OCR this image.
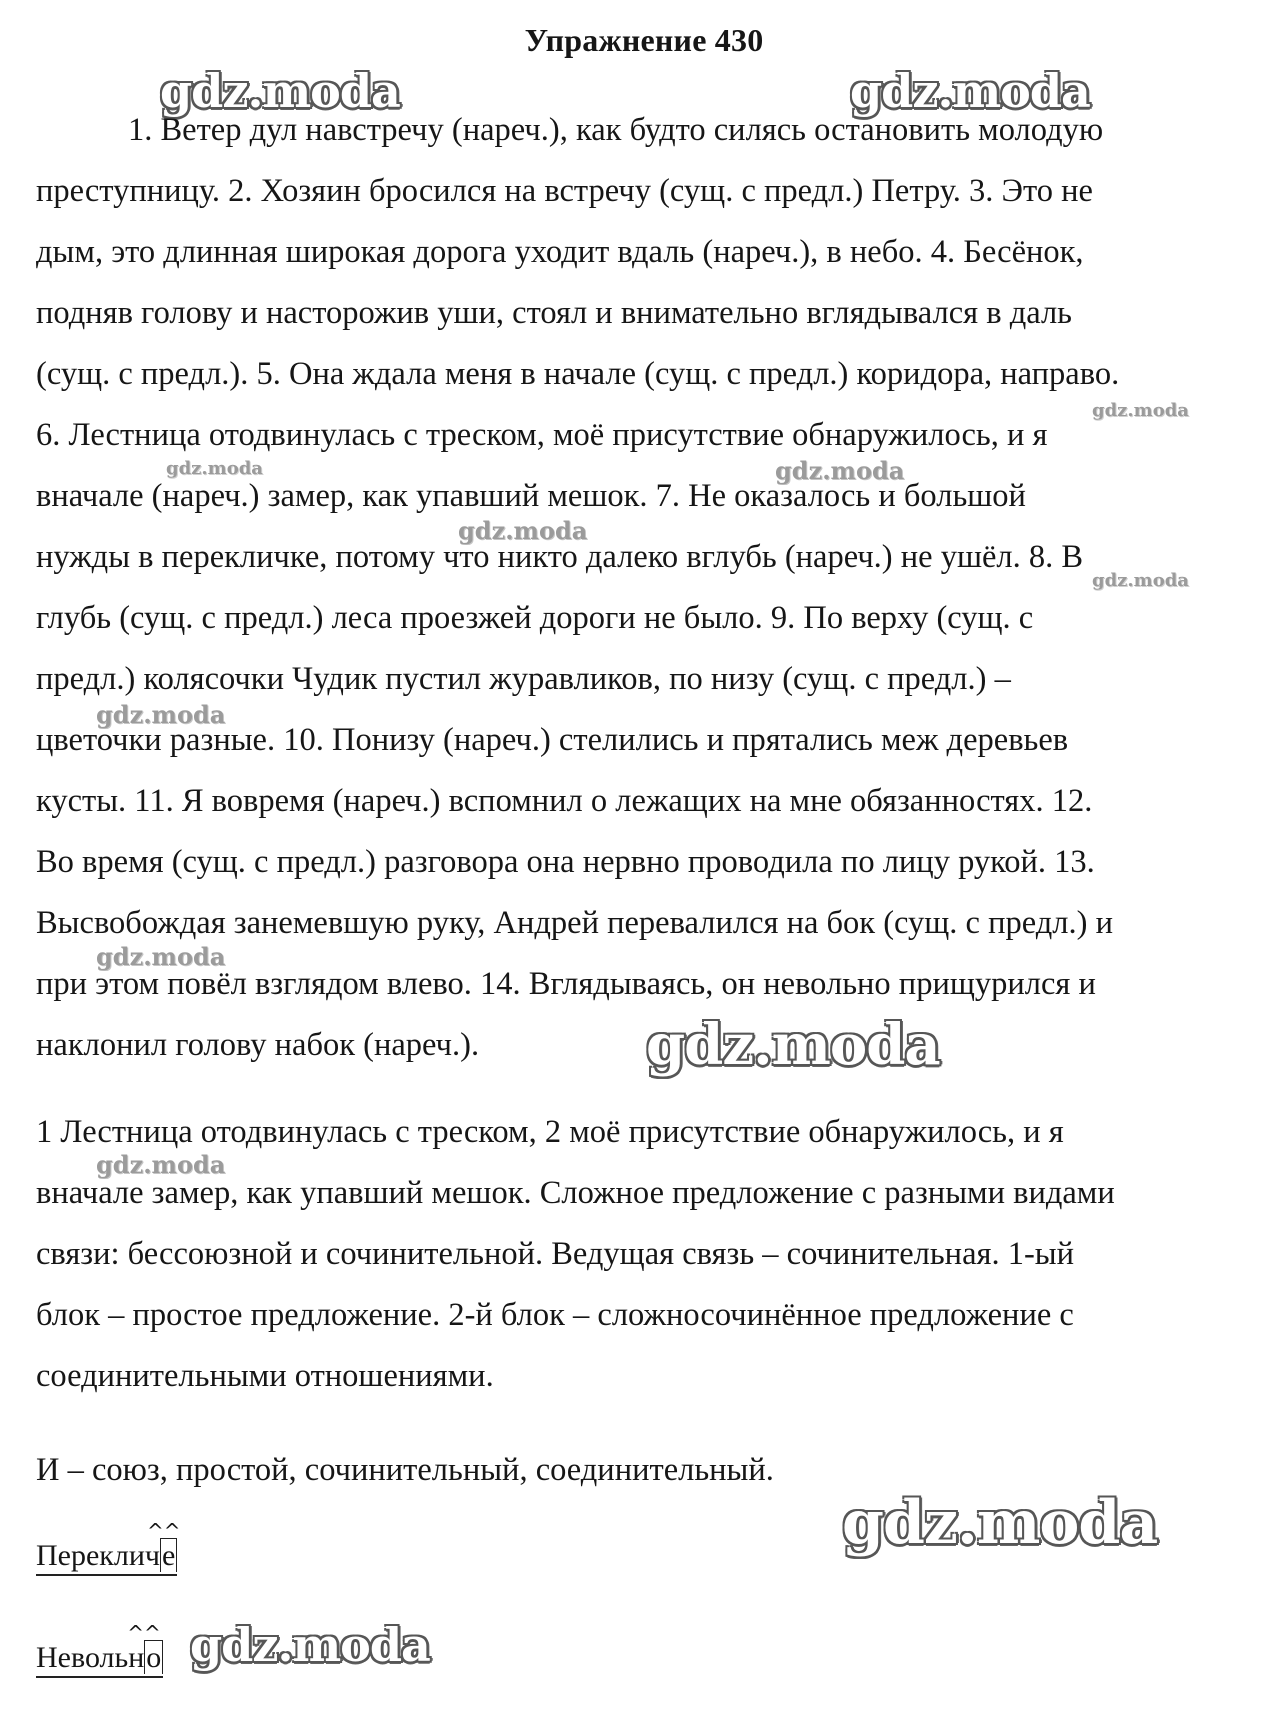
Упражнение 430
gdz.moda	gdz.moda
gdz.moda
gdz.moda	gdz.moda
gdz.moda
gdz.moda
gdz.moda
gdz.moda
gdz.moda
gdz.moda
gdz.moda
gdz.moda
1. Ветер дул навстречу (нареч.), как будто силясь остановить молодую
преступницу. 2. Хозяин бросился на встречу (сущ. с предл.) Петру. 3. Это не
дым, это длинная широкая дорога уходит вдаль (нареч.), в небо. 4. Бесёнок,
подняв голову и насторожив уши, стоял и внимательно вглядывался в даль
(сущ. с предл.). 5. Она ждала меня в начале (сущ. с предл.) коридора, направо.
6. Лестница отодвинулась с треском, моё присутствие обнаружилось, и я
вначале (нареч.) замер, как упавший мешок. 7. Не оказалось и большой
нужды в перекличке, потому что никто далеко вглубь (нареч.) не ушёл. 8. В
глубь (сущ. с предл.) леса проезжей дороги не было. 9. По верху (сущ. с
предл.) колясочки Чудик пустил журавликов, по низу (сущ. с предл.) –
цветочки разные. 10. Понизу (нареч.) стелились и прятались меж деревьев
кусты. 11. Я вовремя (нареч.) вспомнил о лежащих на мне обязанностях. 12.
Во время (сущ. с предл.) разговора она нервно проводила по лицу рукой. 13.
Высвобождая занемевшую руку, Андрей перевалился на бок (сущ. с предл.) и
при этом повёл взглядом влево. 14. Вглядываясь, он невольно прищурился и
наклонил голову набок (нареч.).
1 Лестница отодвинулась с треском, 2 моё присутствие обнаружилось, и я
вначале замер, как упавший мешок. Сложное предложение с разными видами
связи: бессоюзной и сочинительной. Ведущая связь – сочинительная. 1-ый
блок – простое предложение. 2-й блок – сложносочинённое предложение с
соединительными отношениями.
И – союз, простой, сочинительный, соединительный.
Переклич
^^
е
Невольн
^^
о
